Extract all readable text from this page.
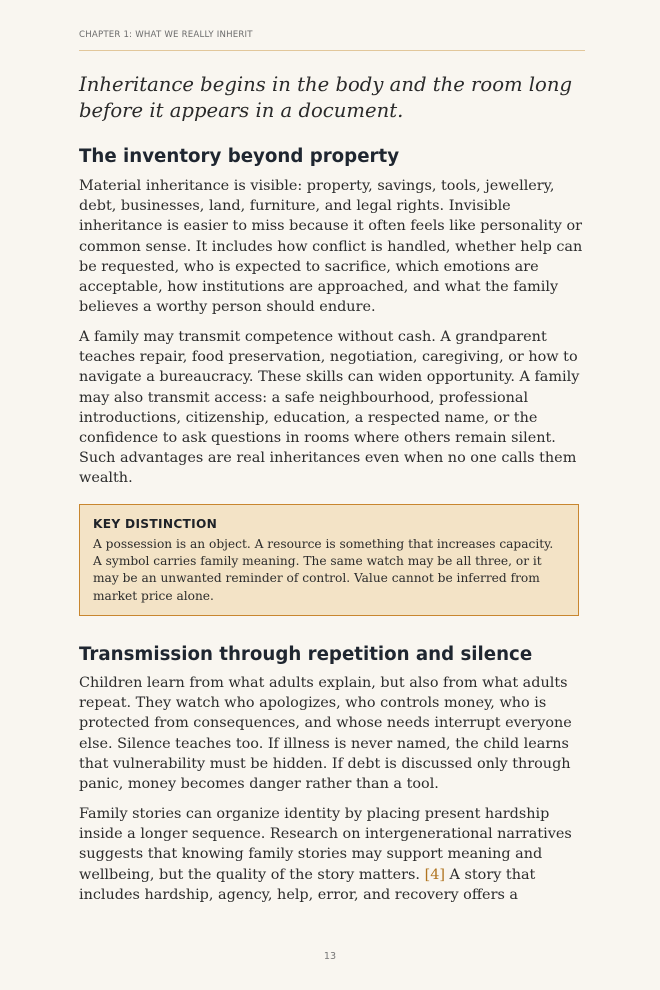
CHAPTER 1: WHAT WE REALLY INHERIT

Inheritance begins in the body and the room long before it appears in a document.

The inventory beyond property

Material inheritance is visible: property, savings, tools, jewellery, debt, businesses, land, furniture, and legal rights. Invisible inheritance is easier to miss because it often feels like personality or common sense. It includes how conflict is handled, whether help can be requested, who is expected to sacrifice, which emotions are acceptable, how institutions are approached, and what the family believes a worthy person should endure.

A family may transmit competence without cash. A grandparent teaches repair, food preservation, negotiation, caregiving, or how to navigate a bureaucracy. These skills can widen opportunity. A family may also transmit access: a safe neighbourhood, professional introductions, citizenship, education, a respected name, or the confidence to ask questions in rooms where others remain silent. Such advantages are real inheritances even when no one calls them wealth.

KEY DISTINCTION

A possession is an object. A resource is something that increases capacity. A symbol carries family meaning. The same watch may be all three, or it may be an unwanted reminder of control. Value cannot be inferred from market price alone.

Transmission through repetition and silence

Children learn from what adults explain, but also from what adults repeat. They watch who apologizes, who controls money, who is protected from consequences, and whose needs interrupt everyone else. Silence teaches too. If illness is never named, the child learns that vulnerability must be hidden. If debt is discussed only through panic, money becomes danger rather than a tool.

Family stories can organize identity by placing present hardship inside a longer sequence. Research on intergenerational narratives suggests that knowing family stories may support meaning and wellbeing, but the quality of the story matters. [4] A story that includes hardship, agency, help, error, and recovery offers a

13
